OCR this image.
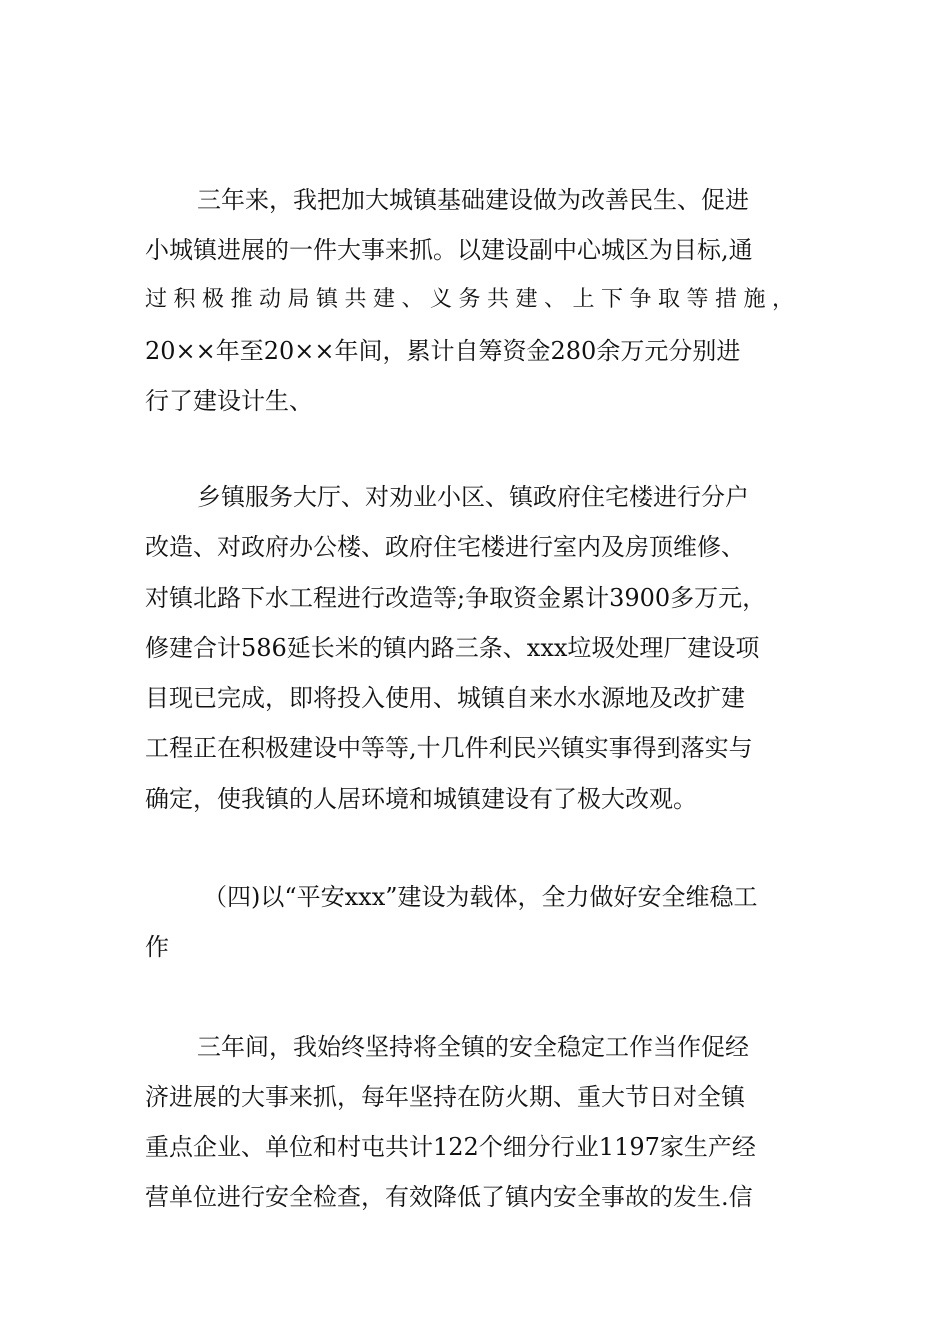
三年来，我把加大城镇基础建设做为改善民生、促进
小城镇进展的一件大事来抓。以建设副中心城区为目标,通
过积极推动局镇共建、义务共建、上下争取等措施，
20××年至20××年间，累计自筹资金280余万元分别进
行了建设计生、
乡镇服务大厅、对劝业小区、镇政府住宅楼进行分户
改造、对政府办公楼、政府住宅楼进行室内及房顶维修、
对镇北路下水工程进行改造等;争取资金累计3900多万元，
修建合计586延长米的镇内路三条、xxx垃圾处理厂建设项
目现已完成，即将投入使用、城镇自来水水源地及改扩建
工程正在积极建设中等等,十几件利民兴镇实事得到落实与
确定，使我镇的人居环境和城镇建设有了极大改观。
（四)以“平安xxx”建设为载体，全力做好安全维稳工
作
三年间，我始终坚持将全镇的安全稳定工作当作促经
济进展的大事来抓，每年坚持在防火期、重大节日对全镇
重点企业、单位和村屯共计122个细分行业1197家生产经
营单位进行安全检查，有效降低了镇内安全事故的发生.信
